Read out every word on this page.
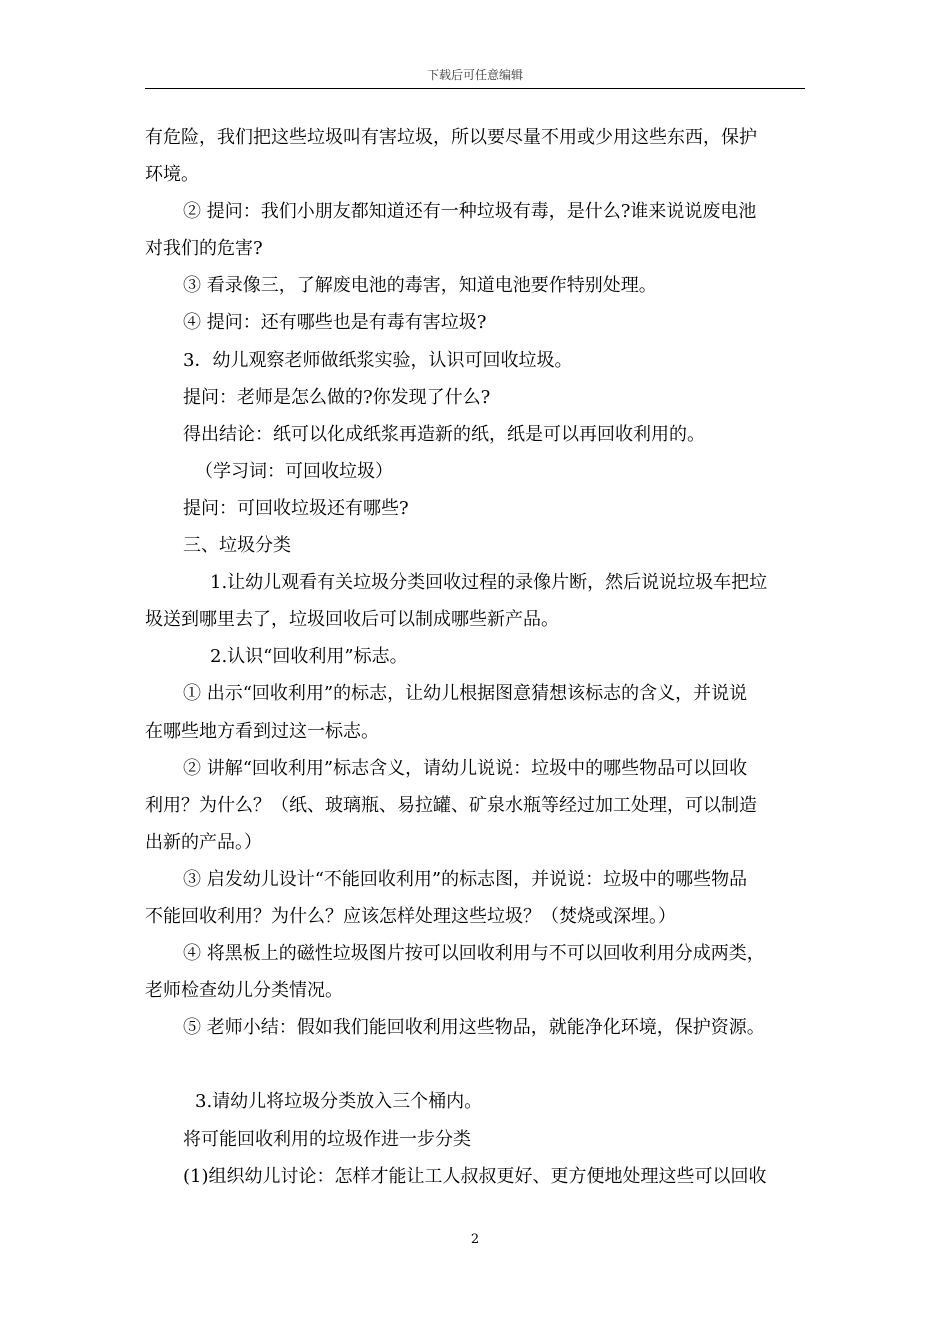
下载后可任意编辑
有危险，我们把这些垃圾叫有害垃圾，所以要尽量不用或少用这些东西，保护
环境。
② 提问：我们小朋友都知道还有一种垃圾有毒，是什么?谁来说说废电池
对我们的危害?
③ 看录像三，了解废电池的毒害，知道电池要作特别处理。
④ 提问：还有哪些也是有毒有害垃圾?
3．幼儿观察老师做纸浆实验，认识可回收垃圾。
提问：老师是怎么做的?你发现了什么?
得出结论：纸可以化成纸浆再造新的纸，纸是可以再回收利用的。
（学习词：可回收垃圾）
提问：可回收垃圾还有哪些?
三、垃圾分类
1.让幼儿观看有关垃圾分类回收过程的录像片断，然后说说垃圾车把垃
圾送到哪里去了，垃圾回收后可以制成哪些新产品。
2.认识“回收利用”标志。
① 出示“回收利用”的标志，让幼儿根据图意猜想该标志的含义，并说说
在哪些地方看到过这一标志。
② 讲解“回收利用”标志含义，请幼儿说说：垃圾中的哪些物品可以回收
利用？为什么？（纸、玻璃瓶、易拉罐、矿泉水瓶等经过加工处理，可以制造
出新的产品。）
③ 启发幼儿设计“不能回收利用”的标志图，并说说：垃圾中的哪些物品
不能回收利用？为什么？应该怎样处理这些垃圾？（焚烧或深埋。）
④ 将黑板上的磁性垃圾图片按可以回收利用与不可以回收利用分成两类，
老师检查幼儿分类情况。
⑤ 老师小结：假如我们能回收利用这些物品，就能净化环境，保护资源。
3.请幼儿将垃圾分类放入三个桶内。
将可能回收利用的垃圾作进一步分类
(1)组织幼儿讨论：怎样才能让工人叔叔更好、更方便地处理这些可以回收
2
